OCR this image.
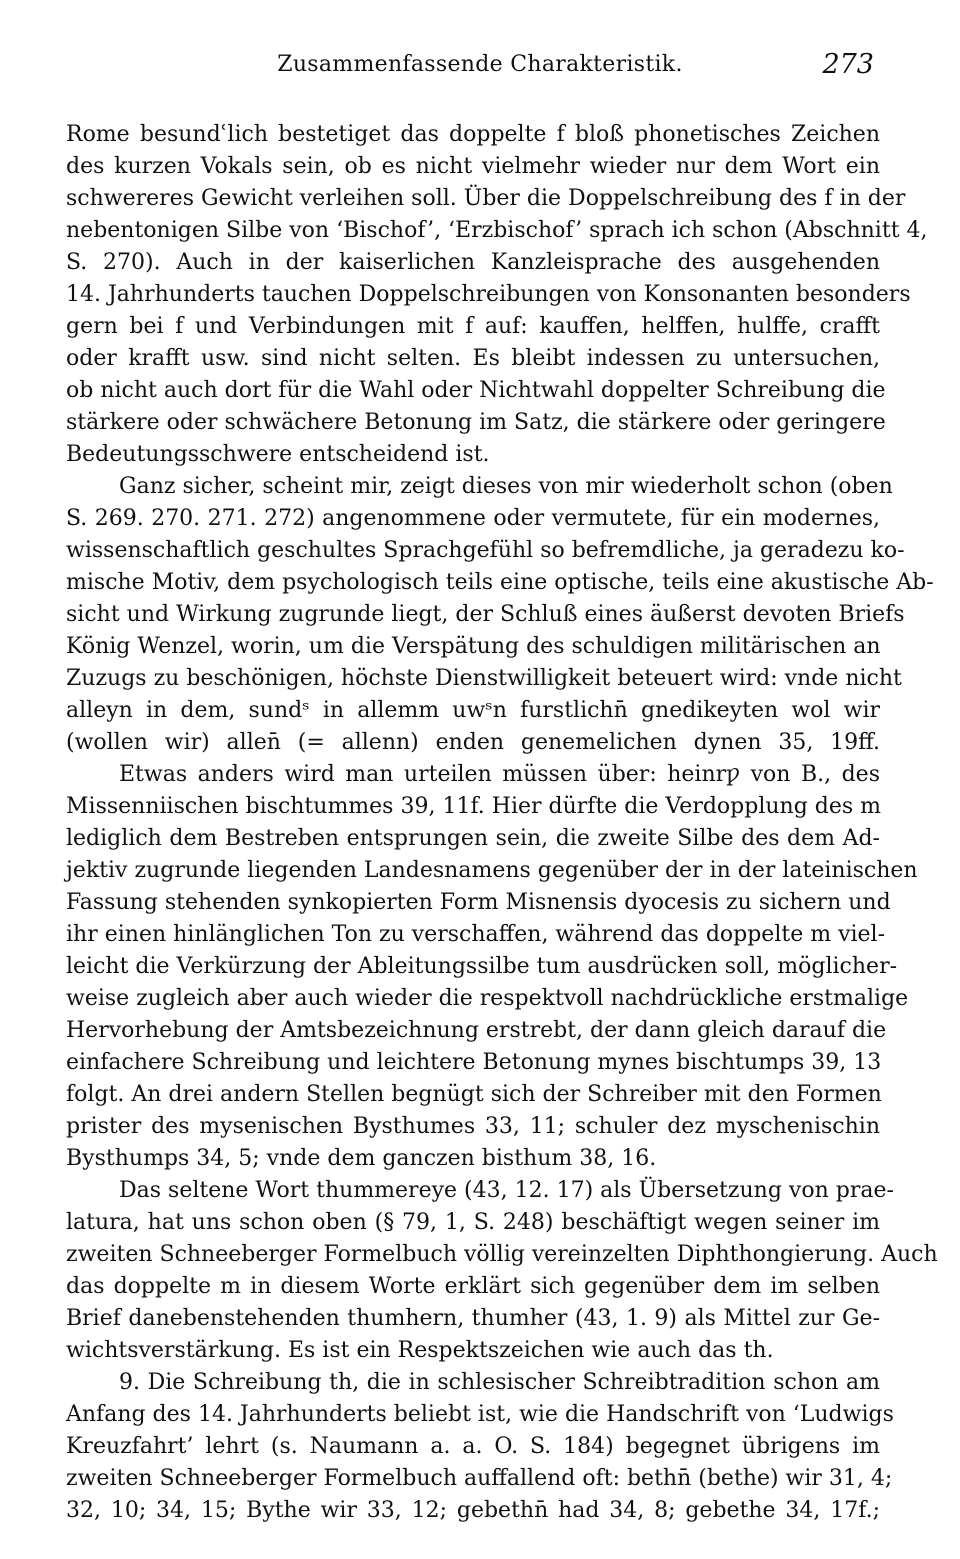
Zusammenfassende Charakteristik.	273
Rome besundʿlich bestetiget das doppelte f bloß phonetisches Zeichen
des kurzen Vokals sein, ob es nicht vielmehr wieder nur dem Wort ein
schwereres Gewicht verleihen soll. Über die Doppelschreibung des f in der
nebentonigen Silbe von ‘Bischof’, ‘Erzbischof’ sprach ich schon (Abschnitt 4,
S. 270). Auch in der kaiserlichen Kanzleisprache des ausgehenden
14. Jahrhunderts tauchen Doppelschreibungen von Konsonanten besonders
gern bei f und Verbindungen mit f auf: kauffen, helffen, hulffe, crafft
oder krafft usw. sind nicht selten. Es bleibt indessen zu untersuchen,
ob nicht auch dort für die Wahl oder Nichtwahl doppelter Schreibung die
stärkere oder schwächere Betonung im Satz, die stärkere oder geringere
Bedeutungsschwere entscheidend ist.
Ganz sicher, scheint mir, zeigt dieses von mir wiederholt schon (oben
S. 269. 270. 271. 272) angenommene oder vermutete, für ein modernes,
wissenschaftlich geschultes Sprachgefühl so befremdliche, ja geradezu ko-
mische Motiv, dem psychologisch teils eine optische, teils eine akustische Ab-
sicht und Wirkung zugrunde liegt, der Schluß eines äußerst devoten Briefs
König Wenzel, worin, um die Verspätung des schuldigen militärischen an
Zuzugs zu beschönigen, höchste Dienstwilligkeit beteuert wird: vnde nicht
alleyn in dem, sundˢ in allemm uwˢn furstlichn̄ gnedikeyten wol wir
(wollen wir) allen̄ (= allenn) enden genemelichen dynen 35, 19ff.
Etwas anders wird man urteilen müssen über: heinrƿ von B., des
Missenniischen bischtummes 39, 11f. Hier dürfte die Verdopplung des m
lediglich dem Bestreben entsprungen sein, die zweite Silbe des dem Ad-
jektiv zugrunde liegenden Landesnamens gegenüber der in der lateinischen
Fassung stehenden synkopierten Form Misnensis dyocesis zu sichern und
ihr einen hinlänglichen Ton zu verschaffen, während das doppelte m viel-
leicht die Verkürzung der Ableitungssilbe tum ausdrücken soll, möglicher-
weise zugleich aber auch wieder die respektvoll nachdrückliche erstmalige
Hervorhebung der Amtsbezeichnung erstrebt, der dann gleich darauf die
einfachere Schreibung und leichtere Betonung mynes bischtumps 39, 13
folgt. An drei andern Stellen begnügt sich der Schreiber mit den Formen
prister des mysenischen Bysthumes 33, 11; schuler dez myschenischin
Bysthumps 34, 5; vnde dem ganczen bisthum 38, 16.
Das seltene Wort thummereye (43, 12. 17) als Übersetzung von prae-
latura, hat uns schon oben (§ 79, 1, S. 248) beschäftigt wegen seiner im
zweiten Schneeberger Formelbuch völlig vereinzelten Diphthongierung. Auch
das doppelte m in diesem Worte erklärt sich gegenüber dem im selben
Brief danebenstehenden thumhern, thumher (43, 1. 9) als Mittel zur Ge-
wichtsverstärkung. Es ist ein Respektszeichen wie auch das th.
9. Die Schreibung th, die in schlesischer Schreibtradition schon am
Anfang des 14. Jahrhunderts beliebt ist, wie die Handschrift von ‘Ludwigs
Kreuzfahrt’ lehrt (s. Naumann a. a. O. S. 184) begegnet übrigens im
zweiten Schneeberger Formelbuch auffallend oft: bethn̄ (bethe) wir 31, 4;
32, 10; 34, 15; Bythe wir 33, 12; gebethn̄ had 34, 8; gebethe 34, 17f.;
